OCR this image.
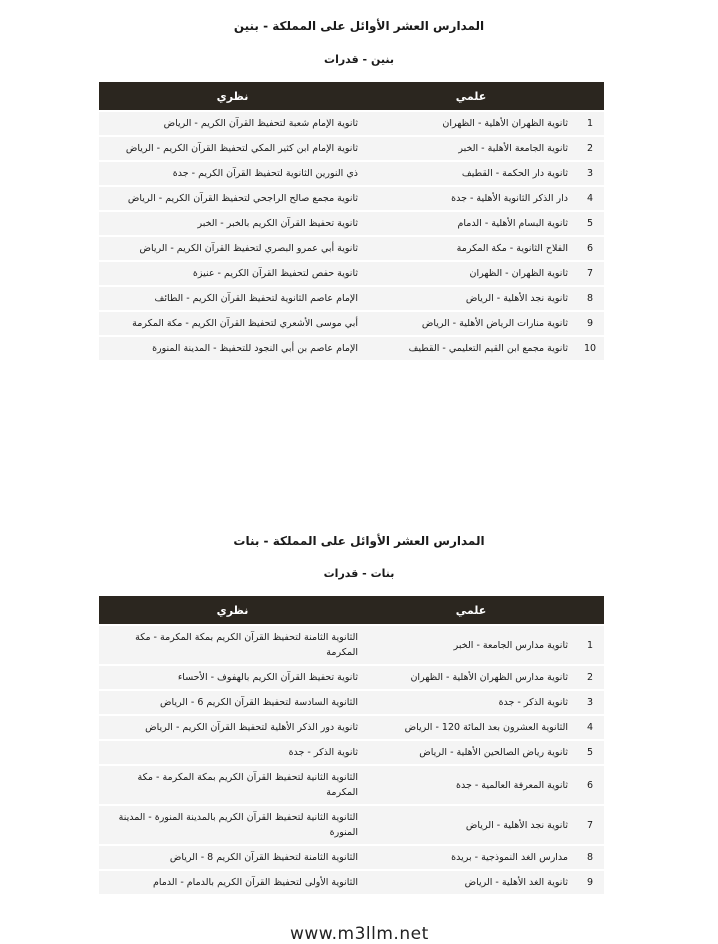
المدارس العشر الأوائل على المملكة - بنين
بنين - قدرات
	علمي	نظري
1	ثانوية الظهران الأهلية - الظهران	ثانوية الإمام شعبة لتحفيظ القرآن الكريم - الرياض
2	ثانوية الجامعة الأهلية - الخبر	ثانوية الإمام ابن كثير المكي لتحفيظ القرآن الكريم - الرياض
3	ثانوية دار الحكمة - القطيف	ذي النورين الثانوية لتحفيظ القرآن الكريم - جدة
4	دار الذكر الثانوية الأهلية - جدة	ثانوية مجمع صالح الراجحي لتحفيظ القرآن الكريم - الرياض
5	ثانوية البسام الأهلية - الدمام	ثانوية تحفيظ القرآن الكريم بالخبر - الخبر
6	الفلاح الثانوية - مكة المكرمة	ثانوية أبي عمرو البصري لتحفيظ القرآن الكريم - الرياض
7	ثانوية الظهران - الظهران	ثانوية حفص لتحفيظ القرآن الكريم - عنيزة
8	ثانوية نجد الأهلية - الرياض	الإمام عاصم الثانوية لتحفيظ القرآن الكريم - الطائف
9	ثانوية منارات الرياض الأهلية - الرياض	أبي موسى الأشعري لتحفيظ القرآن الكريم - مكة المكرمة
10	ثانوية مجمع ابن القيم التعليمي - القطيف	الإمام عاصم بن أبي النجود للتحفيظ - المدينة المنورة
المدارس العشر الأوائل على المملكة - بنات
بنات - قدرات
	علمي	نظري
1	ثانوية مدارس الجامعة - الخبر	الثانوية الثامنة لتحفيظ القرآن الكريم بمكة المكرمة - مكة المكرمة
2	ثانوية مدارس الظهران الأهلية - الظهران	ثانوية تحفيظ القرآن الكريم بالهفوف - الأحساء
3	ثانوية الذكر - جدة	الثانوية السادسة لتحفيظ القرآن الكريم 6 - الرياض
4	الثانوية العشرون بعد المائة 120 - الرياض	ثانوية دور الذكر الأهلية لتحفيظ القرآن الكريم - الرياض
5	ثانوية رياض الصالحين الأهلية - الرياض	ثانوية الذكر - جدة
6	ثانوية المعرفة العالمية - جدة	الثانوية الثانية لتحفيظ القرآن الكريم بمكة المكرمة - مكة المكرمة
7	ثانوية نجد الأهلية - الرياض	الثانوية الثانية لتحفيظ القرآن الكريم بالمدينة المنورة - المدينة المنورة
8	مدارس الغد النموذجية - بريدة	الثانوية الثامنة لتحفيظ القرآن الكريم 8 - الرياض
9	ثانوية الغد الأهلية - الرياض	الثانوية الأولى لتحفيظ القرآن الكريم بالدمام - الدمام
www.m3llm.net
